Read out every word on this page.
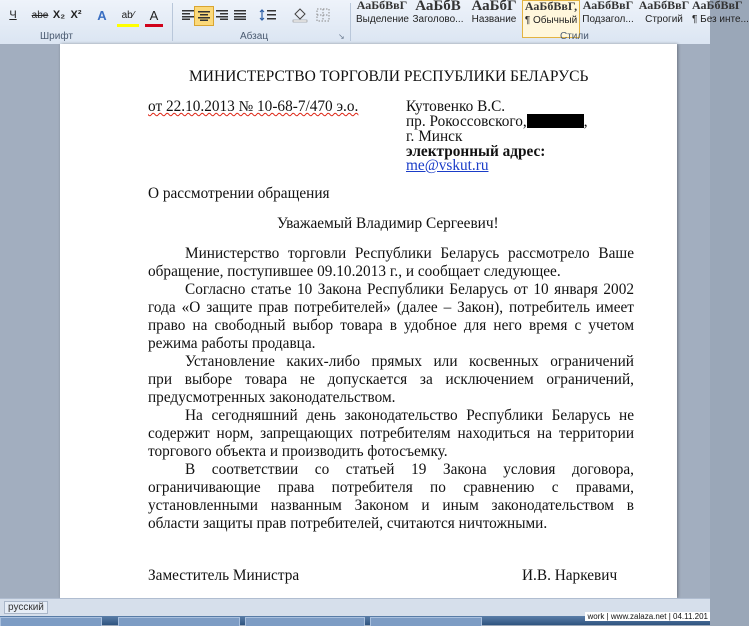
Ч	abe X₂ X²	A	ab⁄	A
Шрифт	Абзац	↘
АаБбВвГ
Выделение
АаБбВ
Заголово...
АаБбГ
Название
АаБбВвГ,
¶ Обычный
АаБбВвГ
Подзагол...
АаБбВвГ
Строгий
АаБбВвГ
¶ Без инте...
Стили
МИНИСТЕРСТВО ТОРГОВЛИ РЕСПУБЛИКИ БЕЛАРУСЬ
от 22.10.2013 № 10-68-7/470 э.о.	Кутовенко В.С.
пр. Рокоссовского,	,
г. Минск
электронный адрес:
me@vskut.ru
О рассмотрении обращения
Уважаемый Владимир Сергеевич!
Министерство торговли Республики Беларусь рассмотрело Ваше
обращение, поступившее 09.10.2013 г., и сообщает следующее.
Согласно статье 10 Закона Республики Беларусь от 10 января 2002
года «О защите прав потребителей» (далее – Закон), потребитель имеет
право на свободный выбор товара в удобное для него время с учетом
режима работы продавца.
Установление каких-либо прямых или косвенных ограничений
при выборе товара не допускается за исключением ограничений,
предусмотренных законодательством.
На сегодняшний день законодательство Республики Беларусь не
содержит норм, запрещающих потребителям находиться на территории
торгового объекта и производить фотосъемку.
В соответствии со статьей 19 Закона условия договора,
ограничивающие права потребителя по сравнению с правами,
установленными названным Законом и иным законодательством в
области защиты прав потребителей, считаются ничтожными.
Заместитель Министра	И.В. Наркевич
русский
work | www.zalaza.net | 04.11.201
